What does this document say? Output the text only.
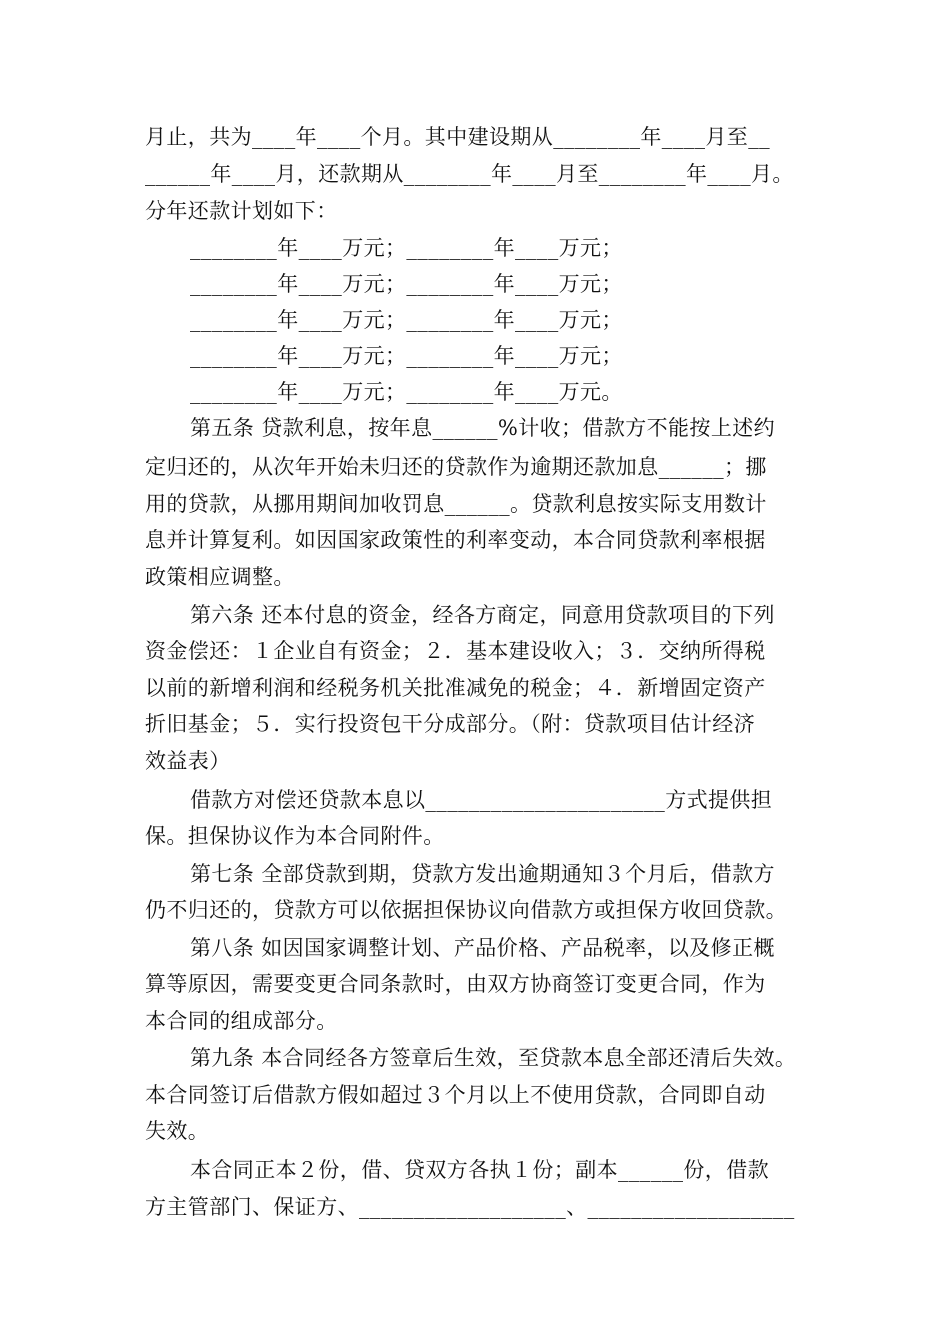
月止，共为____年____个月。其中建设期从________年____月至__
______年____月，还款期从________年____月至________年____月。
分年还款计划如下：
________年____万元；________年____万元；
________年____万元；________年____万元；
________年____万元；________年____万元；
________年____万元；________年____万元；
________年____万元；________年____万元。
第五条 贷款利息，按年息______%计收；借款方不能按上述约
定归还的，从次年开始未归还的贷款作为逾期还款加息______；挪
用的贷款，从挪用期间加收罚息______。贷款利息按实际支用数计
息并计算复利。如因国家政策性的利率变动，本合同贷款利率根据
政策相应调整。
第六条 还本付息的资金，经各方商定，同意用贷款项目的下列
资金偿还：１企业自有资金；２．基本建设收入；３．交纳所得税
以前的新增利润和经税务机关批准减免的税金；４．新增固定资产
折旧基金；５．实行投资包干分成部分。（附：贷款项目估计经济
效益表）
借款方对偿还贷款本息以______________________方式提供担
保。担保协议作为本合同附件。
第七条 全部贷款到期，贷款方发出逾期通知３个月后，借款方
仍不归还的，贷款方可以依据担保协议向借款方或担保方收回贷款。
第八条 如因国家调整计划、产品价格、产品税率，以及修正概
算等原因，需要变更合同条款时，由双方协商签订变更合同，作为
本合同的组成部分。
第九条 本合同经各方签章后生效，至贷款本息全部还清后失效。
本合同签订后借款方假如超过３个月以上不使用贷款，合同即自动
失效。
本合同正本２份，借、贷双方各执１份；副本______份，借款
方主管部门、保证方、___________________、___________________
